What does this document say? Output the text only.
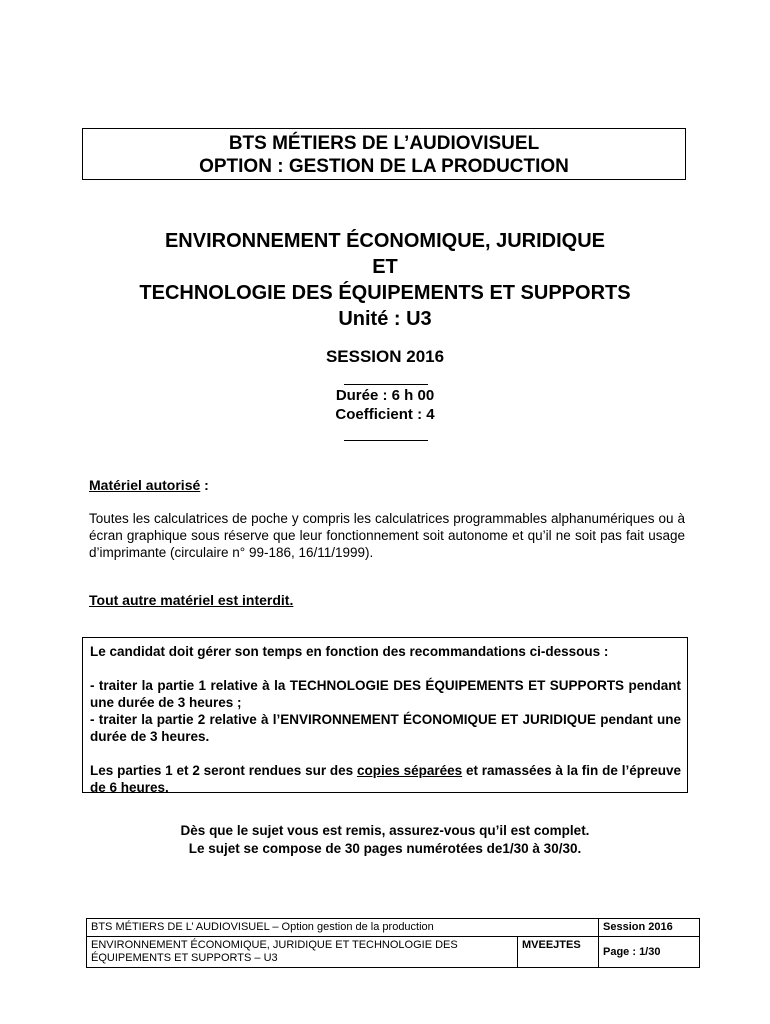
BTS MÉTIERS DE L’AUDIOVISUEL
OPTION : GESTION DE LA PRODUCTION
ENVIRONNEMENT ÉCONOMIQUE, JURIDIQUE
ET
TECHNOLOGIE DES ÉQUIPEMENTS ET SUPPORTS
Unité : U3
SESSION 2016
Durée : 6 h 00
Coefficient : 4
Matériel autorisé :
Toutes les calculatrices de poche y compris les calculatrices programmables alphanumériques ou à écran graphique sous réserve que leur fonctionnement soit autonome et qu’il ne soit pas fait usage d’imprimante (circulaire n° 99-186, 16/11/1999).
Tout autre matériel est interdit.

Le candidat doit gérer son temps en fonction des recommandations ci-dessous :

- traiter la partie 1 relative à la TECHNOLOGIE DES ÉQUIPEMENTS ET SUPPORTS pendant une durée de 3 heures ;

- traiter la partie 2 relative à l’ENVIRONNEMENT ÉCONOMIQUE ET JURIDIQUE pendant une durée de 3 heures.

Les parties 1 et 2 seront rendues sur des copies séparées et ramassées à la fin de l’épreuve de 6 heures.

Dès que le sujet vous est remis, assurez-vous qu’il est complet.
Le sujet se compose de 30 pages numérotées de1/30 à 30/30.
BTS MÉTIERS DE L’ AUDIOVISUEL – Option gestion de la production		Session 2016
ENVIRONNEMENT ÉCONOMIQUE, JURIDIQUE ET TECHNOLOGIE DES ÉQUIPEMENTS ET SUPPORTS – U3	MVEEJTES	Page : 1/30
